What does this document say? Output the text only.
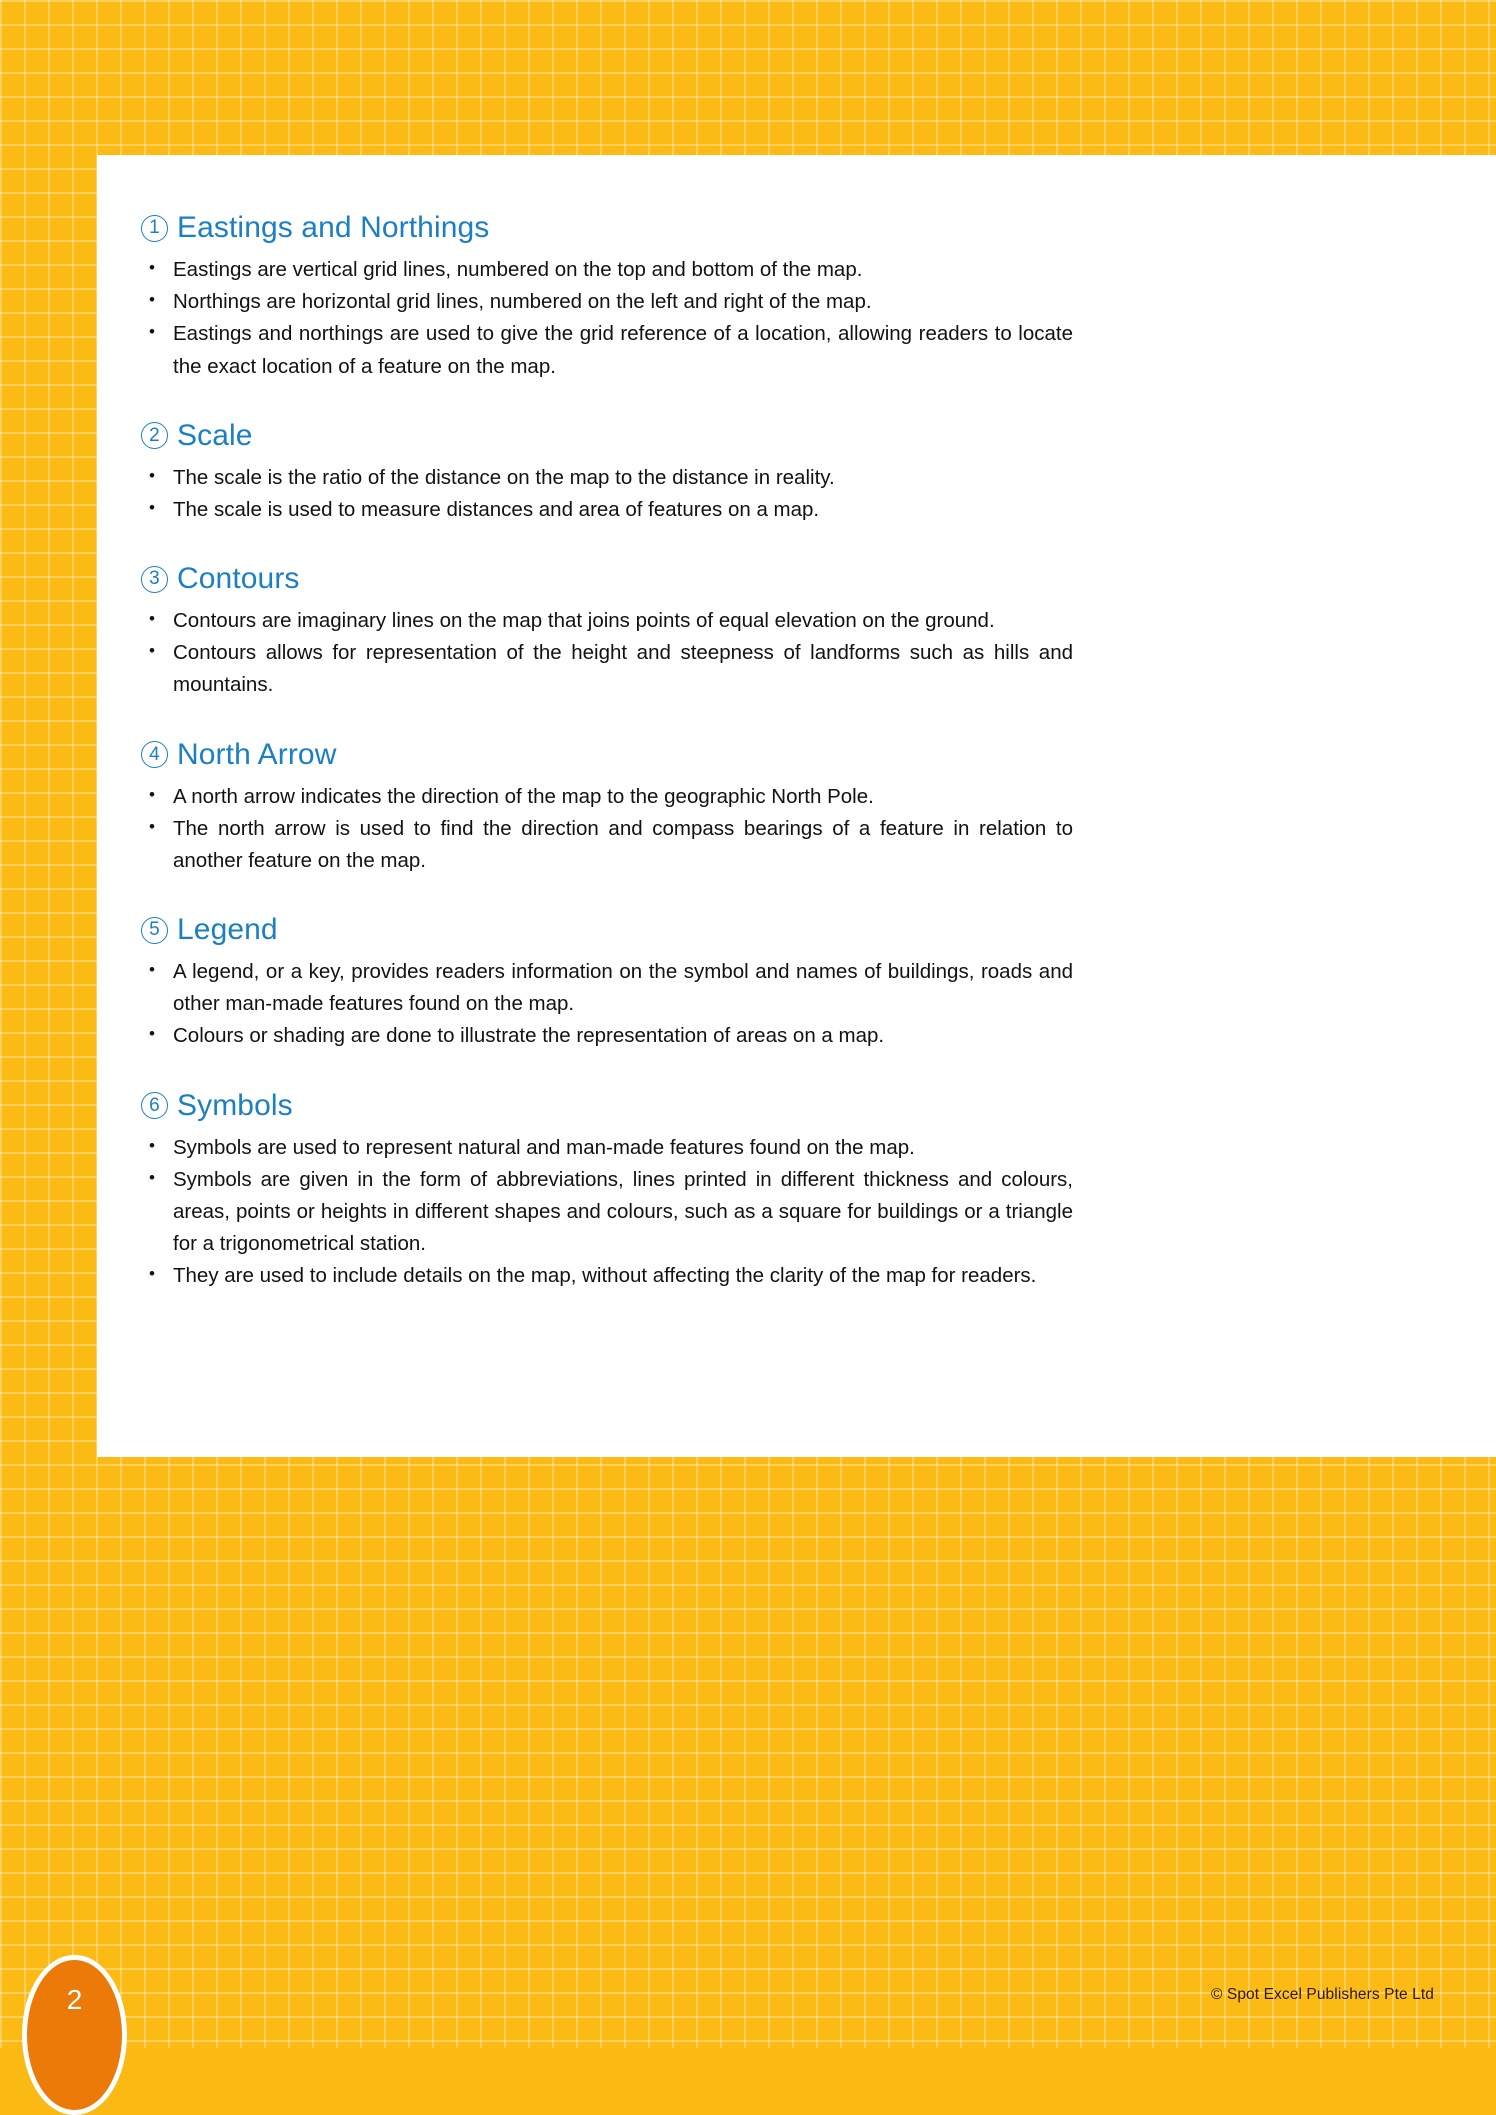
1 Eastings and Northings
• Eastings are vertical grid lines, numbered on the top and bottom of the map.
• Northings are horizontal grid lines, numbered on the left and right of the map.
• Eastings and northings are used to give the grid reference of a location, allowing readers to locate the exact location of a feature on the map.
2 Scale
• The scale is the ratio of the distance on the map to the distance in reality.
• The scale is used to measure distances and area of features on a map.
3 Contours
• Contours are imaginary lines on the map that joins points of equal elevation on the ground.
• Contours allows for representation of the height and steepness of landforms such as hills and mountains.
4 North Arrow
• A north arrow indicates the direction of the map to the geographic North Pole.
• The north arrow is used to find the direction and compass bearings of a feature in relation to another feature on the map.
5 Legend
• A legend, or a key, provides readers information on the symbol and names of buildings, roads and other man-made features found on the map.
• Colours or shading are done to illustrate the representation of areas on a map.
6 Symbols
• Symbols are used to represent natural and man-made features found on the map.
• Symbols are given in the form of abbreviations, lines printed in different thickness and colours, areas, points or heights in different shapes and colours, such as a square for buildings or a triangle for a trigonometrical station.
• They are used to include details on the map, without affecting the clarity of the map for readers.
© Spot Excel Publishers Pte Ltd
2
